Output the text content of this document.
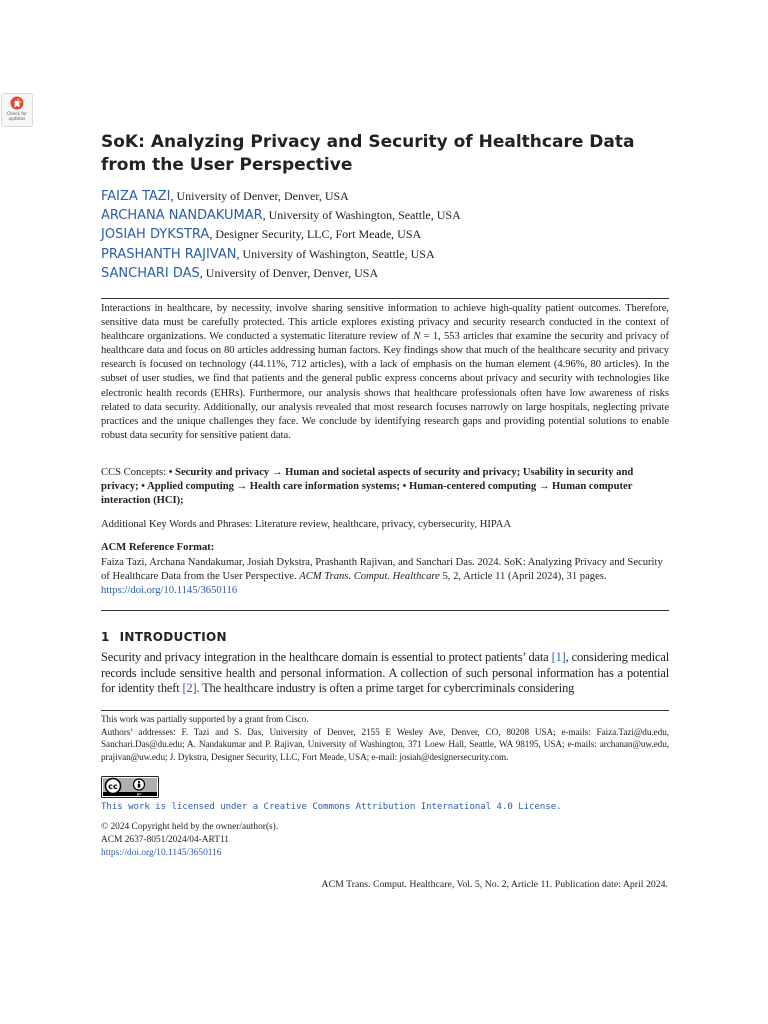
Check for
updates
SoK: Analyzing Privacy and Security of Healthcare Data from the User Perspective
FAIZA TAZI, University of Denver, Denver, USA
ARCHANA NANDAKUMAR, University of Washington, Seattle, USA
JOSIAH DYKSTRA, Designer Security, LLC, Fort Meade, USA
PRASHANTH RAJIVAN, University of Washington, Seattle, USA
SANCHARI DAS, University of Denver, Denver, USA

Interactions in healthcare, by necessity, involve sharing sensitive information to achieve high-quality patient outcomes. Therefore, sensitive data must be carefully protected. This article explores existing privacy and security research conducted in the context of healthcare organizations. We conducted a systematic literature review of N = 1, 553 articles that examine the security and privacy of healthcare data and focus on 80 articles addressing human factors. Key findings show that much of the healthcare security and privacy research is focused on technology (44.11%, 712 articles), with a lack of emphasis on the human element (4.96%, 80 articles). In the subset of user studies, we find that patients and the general public express concerns about privacy and security with technologies like electronic health records (EHRs). Furthermore, our analysis shows that healthcare professionals often have low awareness of risks related to data security. Additionally, our analysis revealed that most research focuses narrowly on large hospitals, neglecting private practices and the unique challenges they face. We conclude by identifying research gaps and providing potential solutions to enable robust data security for sensitive patient data.

CCS Concepts: • Security and privacy → Human and societal aspects of security and privacy; Usability in security and privacy; • Applied computing → Health care information systems; • Human-centered computing → Human computer interaction (HCI);

Additional Key Words and Phrases: Literature review, healthcare, privacy, cybersecurity, HIPAA

ACM Reference Format:

Faiza Tazi, Archana Nandakumar, Josiah Dykstra, Prashanth Rajivan, and Sanchari Das. 2024. SoK: Analyzing Privacy and Security of Healthcare Data from the User Perspective. ACM Trans. Comput. Healthcare 5, 2, Article 11 (April 2024), 31 pages.
https://doi.org/10.1145/3650116

1 INTRODUCTION

Security and privacy integration in the healthcare domain is essential to protect patients’ data [1], considering medical records include sensitive health and personal information. A collection of such personal information has a potential for identity theft [2]. The healthcare industry is often a prime target for cybercriminals considering

This work was partially supported by a grant from Cisco.
Authors’ addresses: F. Tazi and S. Das, University of Denver, 2155 E Wesley Ave, Denver, CO, 80208 USA; e-mails: Faiza.Tazi@du.edu, Sanchari.Das@du.edu; A. Nandakumar and P. Rajivan, University of Washington, 371 Loew Hall, Seattle, WA 98195, USA; e-mails: archanan@uw.edu, prajivan@uw.edu; J. Dykstra, Designer Security, LLC, Fort Meade, USA; e-mail: josiah@designersecurity.com.

cc
BY
This work is licensed under a Creative Commons Attribution International 4.0 License.

© 2024 Copyright held by the owner/author(s).
ACM 2637-8051/2024/04-ART11
https://doi.org/10.1145/3650116

ACM Trans. Comput. Healthcare, Vol. 5, No. 2, Article 11. Publication date: April 2024.
